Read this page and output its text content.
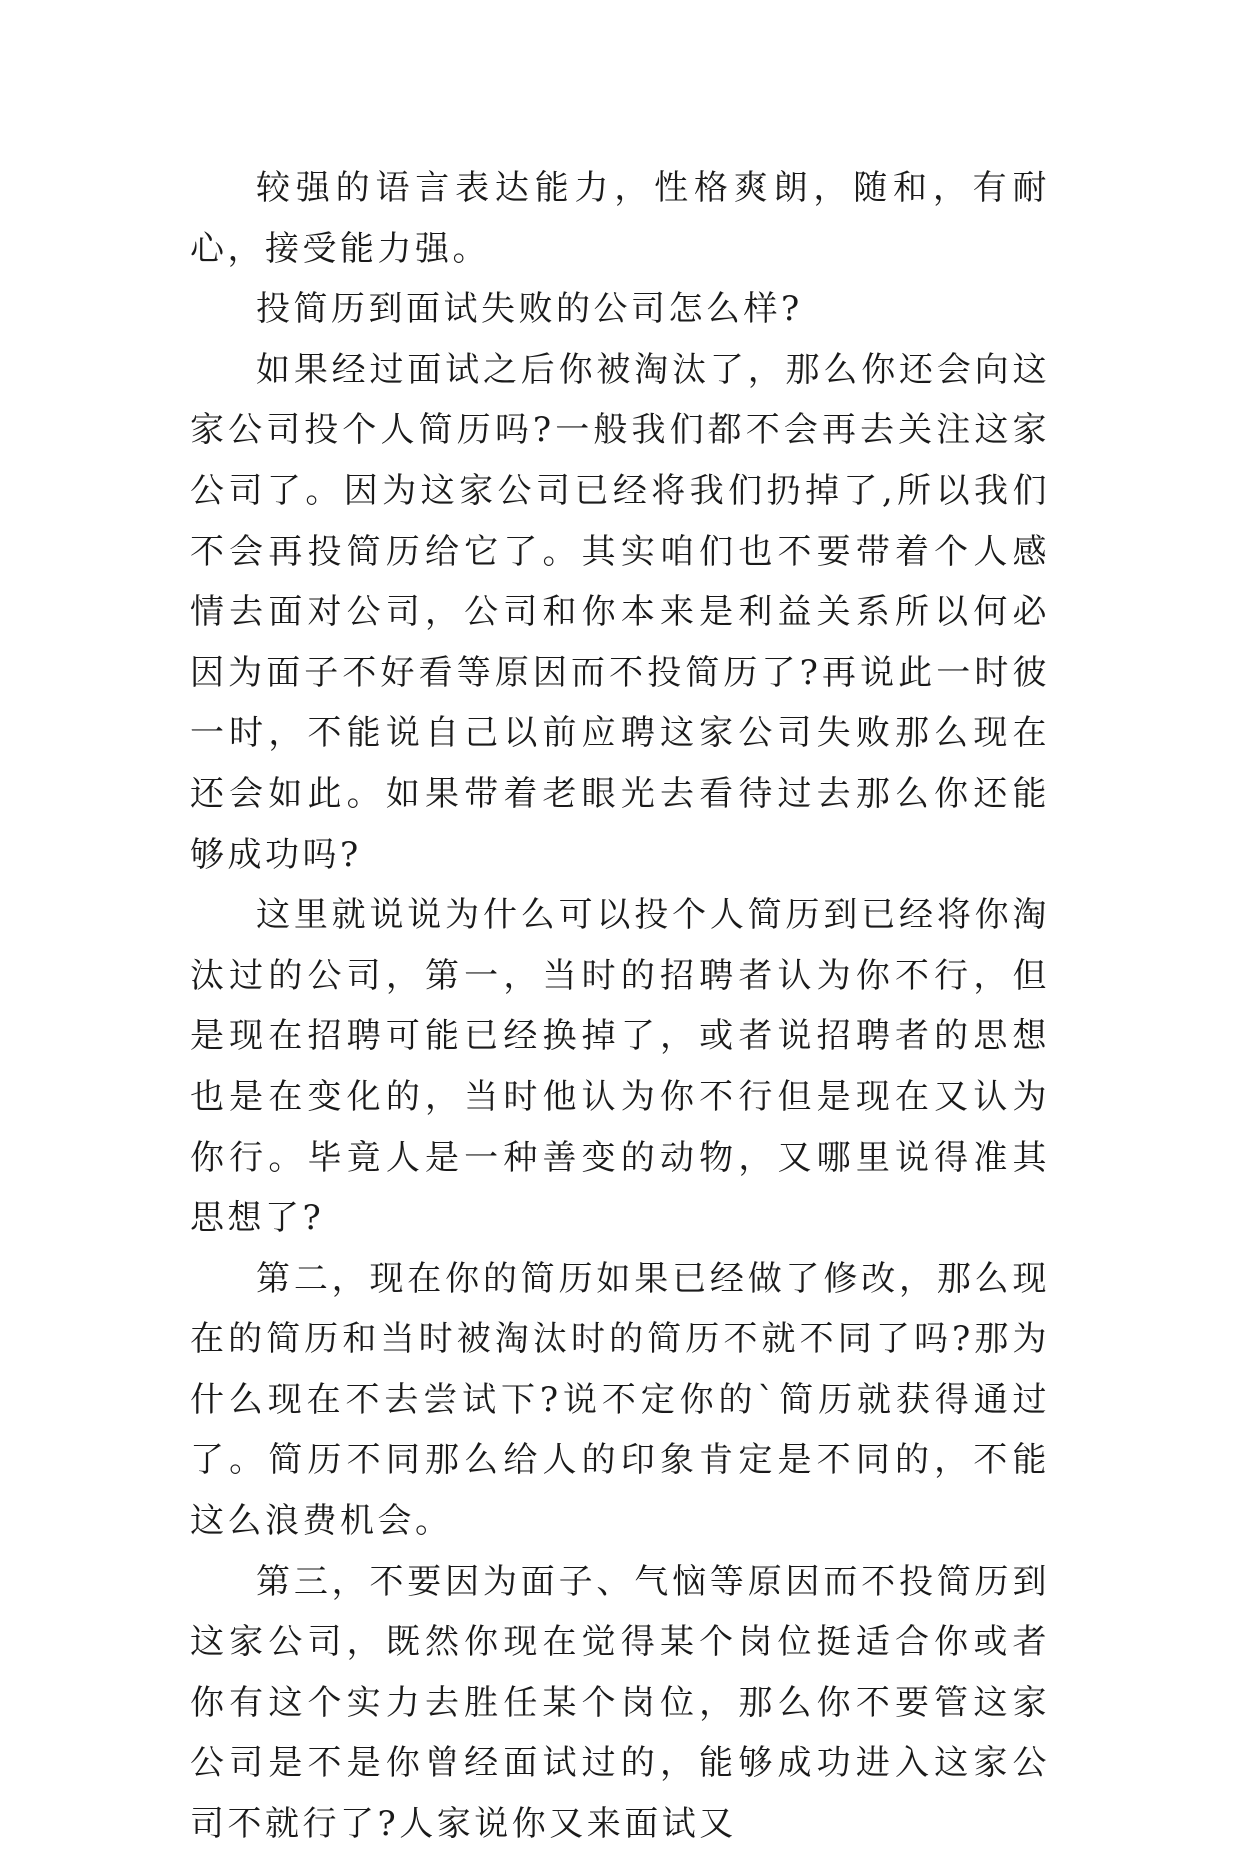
较强的语言表达能力，性格爽朗，随和，有耐心，接受能力强。

投简历到面试失败的公司怎么样?

如果经过面试之后你被淘汰了，那么你还会向这家公司投个人简历吗?一般我们都不会再去关注这家公司了。因为这家公司已经将我们扔掉了,所以我们不会再投简历给它了。其实咱们也不要带着个人感情去面对公司，公司和你本来是利益关系所以何必因为面子不好看等原因而不投简历了?再说此一时彼一时，不能说自己以前应聘这家公司失败那么现在还会如此。如果带着老眼光去看待过去那么你还能够成功吗?

这里就说说为什么可以投个人简历到已经将你淘汰过的公司，第一，当时的招聘者认为你不行，但是现在招聘可能已经换掉了，或者说招聘者的思想也是在变化的，当时他认为你不行但是现在又认为你行。毕竟人是一种善变的动物，又哪里说得准其思想了?

第二，现在你的简历如果已经做了修改，那么现在的简历和当时被淘汰时的简历不就不同了吗?那为什么现在不去尝试下?说不定你的`简历就获得通过了。简历不同那么给人的印象肯定是不同的，不能这么浪费机会。

第三，不要因为面子、气恼等原因而不投简历到这家公司，既然你现在觉得某个岗位挺适合你或者你有这个实力去胜任某个岗位，那么你不要管这家公司是不是你曾经面试过的，能够成功进入这家公司不就行了?人家说你又来面试又
